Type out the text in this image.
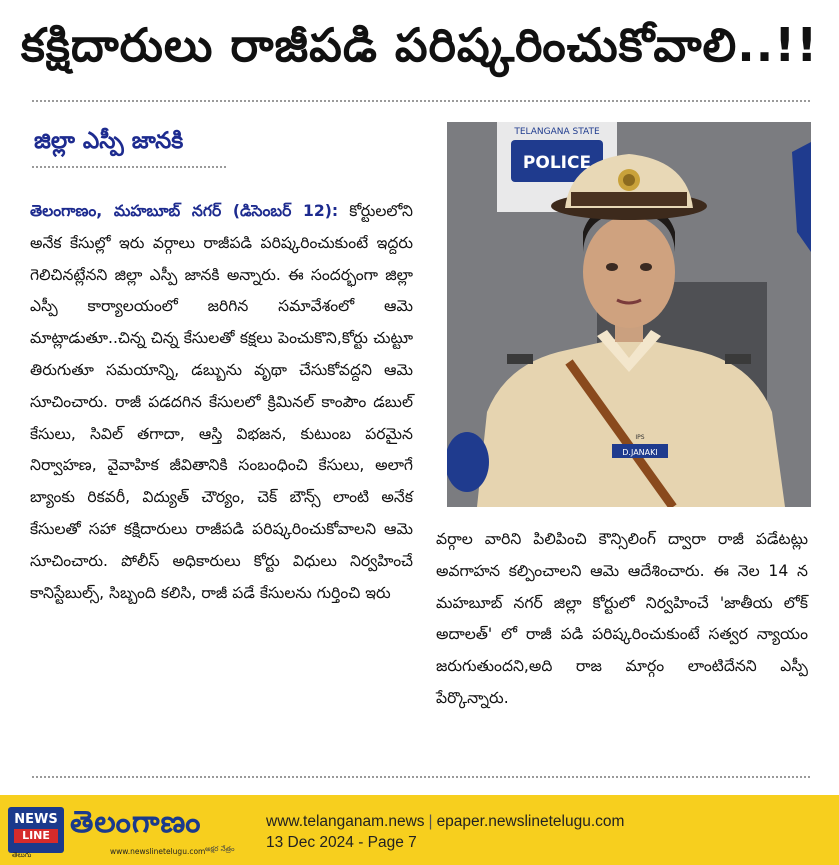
కక్షిదారులు రాజీపడి పరిష్కరించుకోవాలి..!!
జిల్లా ఎస్పీ జానకి
తెలంగాణం, మహబూబ్ నగర్ (డిసెంబర్ 12): కోర్టులలోని అనేక కేసుల్లో ఇరు వర్గాలు రాజీపడి పరిష్కరించుకుంటే ఇద్దరు గెలిచినట్లేనని జిల్లా ఎస్పీ జానకి అన్నారు. ఈ సందర్భంగా జిల్లా ఎస్పీ కార్యాలయంలో జరిగిన సమావేశంలో ఆమె మాట్లాడుతూ..చిన్న చిన్న కేసులతో కక్షలు పెంచుకొని,కోర్టు చుట్టూ తిరుగుతూ సమయాన్ని, డబ్బును వృథా చేసుకోవద్దని ఆమె సూచించారు. రాజీ పడదగిన కేసులలో క్రిమినల్ కాంపౌం డబుల్ కేసులు, సివిల్ తగాదా, ఆస్తి విభజన, కుటుంబ పరమైన నిర్వాహణ, వైవాహిక జీవితానికి సంబంధించి కేసులు, అలాగే బ్యాంకు రికవరీ, విద్యుత్ చౌర్యం, చెక్ బౌన్స్ లాంటి అనేక కేసులతో సహా కక్షిదారులు రాజీపడి పరిష్కరించుకోవాలని ఆమె సూచించారు. పోలీస్ అధికారులు కోర్టు విధులు నిర్వహించే కానిస్టేబుల్స్, సిబ్బంది కలిసి, రాజీ పడే కేసులను గుర్తించి ఇరు
TELANGANA STATE
POLICE
D.JANAKI
IPS
వర్గాల వారిని పిలిపించి కౌన్సిలింగ్ ద్వారా రాజీ పడేటట్లు అవగాహన కల్పించాలని ఆమె ఆదేశించారు. ఈ నెల 14 న మహబూబ్ నగర్ జిల్లా కోర్టులో నిర్వహించే 'జాతీయ లోక్ అదాలత్' లో రాజీ పడి పరిష్కరించుకుంటే సత్వర న్యాయం జరుగుతుందని,అది రాజ మార్గం లాంటిదేనని ఎస్పీ పేర్కొన్నారు.
NEWS
LINE
తెలుగు
తెలంగాణం
www.newslinetelugu.com అక్షర నేత్రం
www.telanganam.news | epaper.newslinetelugu.com
13 Dec 2024 - Page 7
